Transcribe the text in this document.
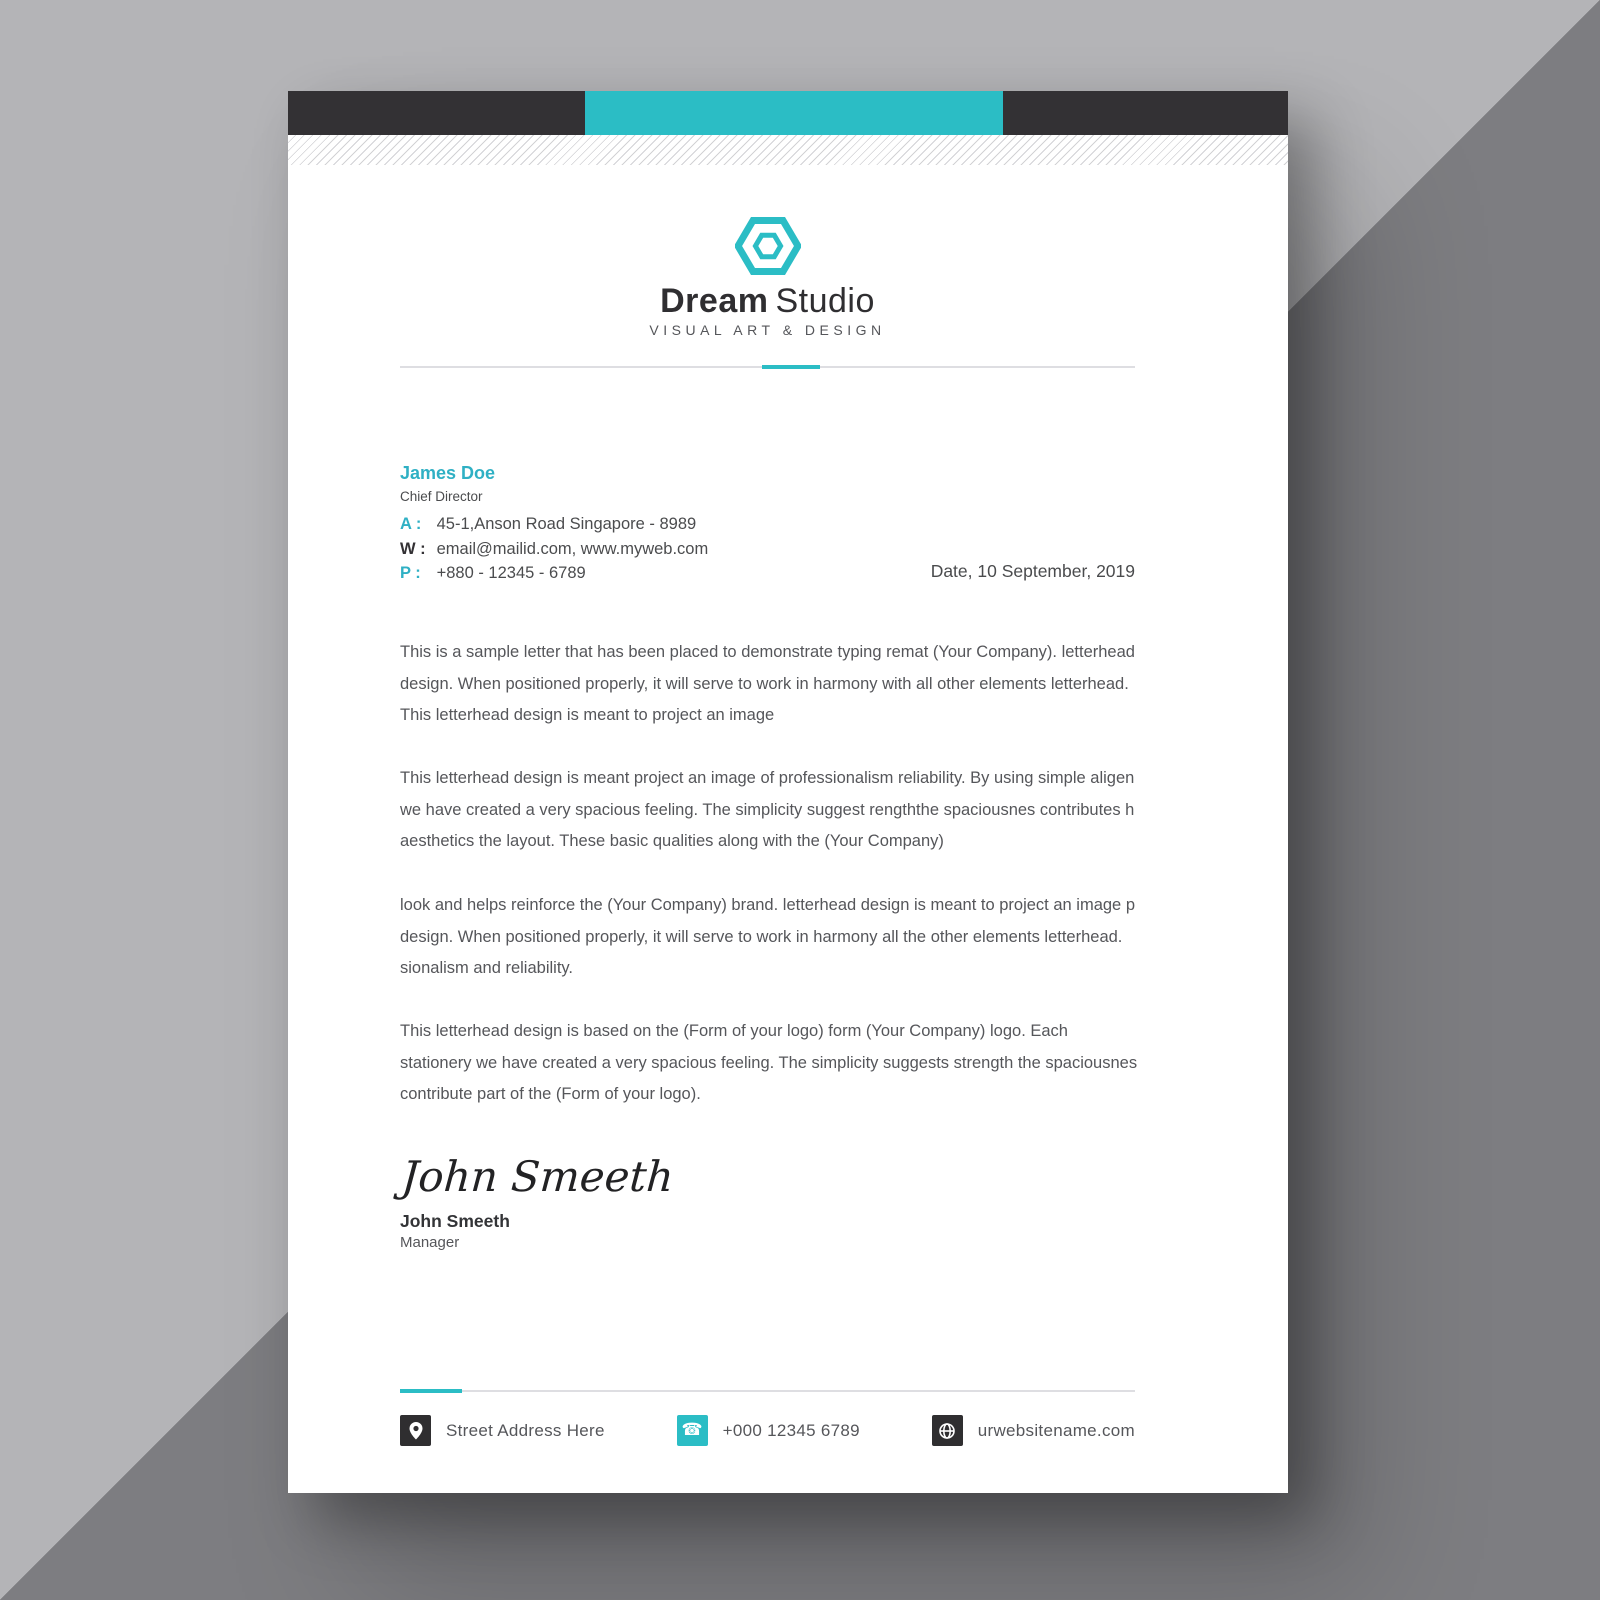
Dream Studio
VISUAL ART & DESIGN
James Doe
Chief Director
A : 45-1,Anson Road Singapore - 8989
W : email@mailid.com, www.myweb.com
P : +880 - 12345 - 6789	Date, 10 September, 2019

This is a sample letter that has been placed to demonstrate typing remat (Your Company). letterhead design. When positioned properly, it will serve to work in harmony with all other elements letterhead. This letterhead design is meant to project an image

This letterhead design is meant project an image of professionalism reliability. By using simple aligen we have created a very spacious feeling. The simplicity suggest rengththe spaciousnes contributes h aesthetics the layout. These basic qualities along with the (Your Company)

look and helps reinforce the (Your Company) brand. letterhead design is meant to project an image p design. When positioned properly, it will serve to work in harmony all the other elements letterhead. sionalism and reliability.

This letterhead design is based on the (Form of your logo) form (Your Company) logo. Each stationery we have created a very spacious feeling. The simplicity suggests strength the spaciousnes contribute part of the (Form of your logo).

John Smeeth
John Smeeth
Manager
Street Address Here	☎ +000 12345 6789	urwebsitename.com
